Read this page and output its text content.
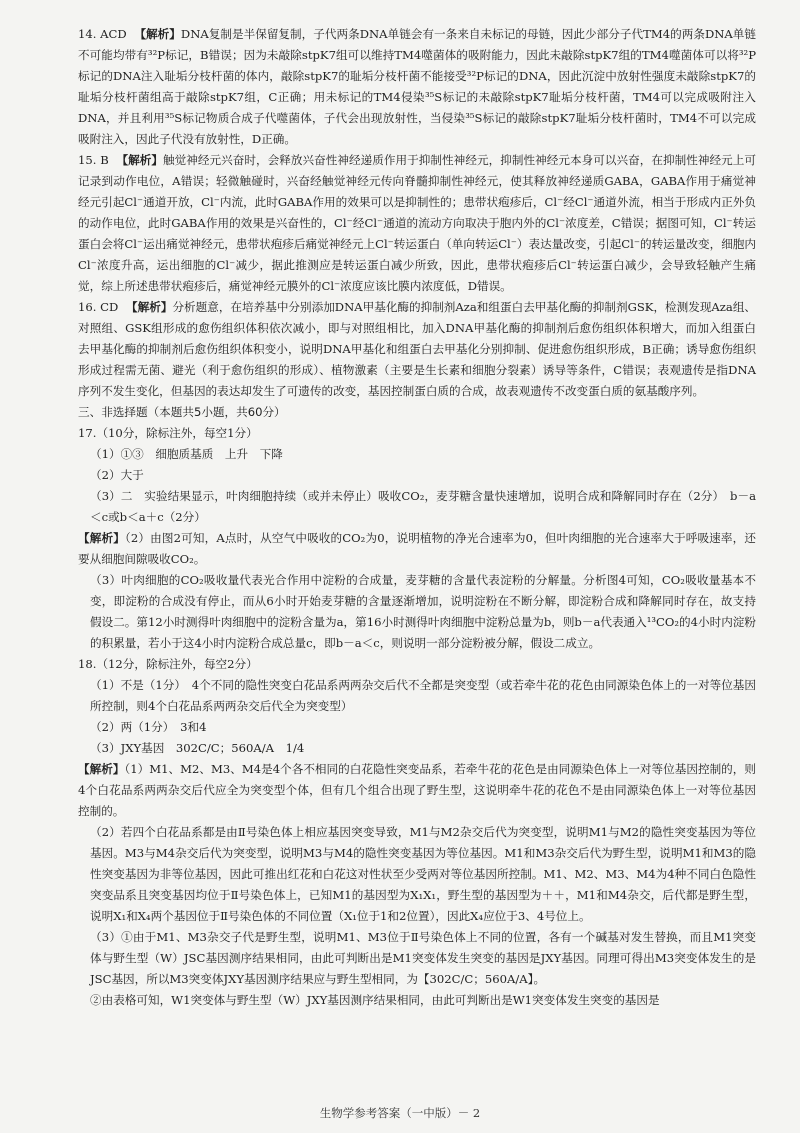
14. ACD 【解析】DNA复制是半保留复制，子代两条DNA单链会有一条来自未标记的母链，因此少部分子代TM4的两条DNA单链不可能均带有³²P标记，B错误；因为未敲除stpK7组可以维持TM4噬菌体的吸附能力，因此未敲除stpK7组的TM4噬菌体可以将³²P标记的DNA注入耻垢分枝杆菌的体内，敲除stpK7的耻垢分枝杆菌不能接受³²P标记的DNA，因此沉淀中放射性强度未敲除stpK7的耻垢分枝杆菌组高于敲除stpK7组，C正确；用未标记的TM4侵染³⁵S标记的未敲除stpK7耻垢分枝杆菌，TM4可以完成吸附注入DNA，并且利用³⁵S标记物质合成子代噬菌体，子代会出现放射性，当侵染³⁵S标记的敲除stpK7耻垢分枝杆菌时，TM4不可以完成吸附注入，因此子代没有放射性，D正确。

15. B 【解析】触觉神经元兴奋时，会释放兴奋性神经递质作用于抑制性神经元，抑制性神经元本身可以兴奋，在抑制性神经元上可记录到动作电位，A错误；轻微触碰时，兴奋经触觉神经元传向脊髓抑制性神经元，使其释放神经递质GABA，GABA作用于痛觉神经元引起Cl⁻通道开放，Cl⁻内流，此时GABA作用的效果可以是抑制性的；患带状疱疹后，Cl⁻经Cl⁻通道外流，相当于形成内正外负的动作电位，此时GABA作用的效果是兴奋性的，Cl⁻经Cl⁻通道的流动方向取决于胞内外的Cl⁻浓度差，C错误；据图可知，Cl⁻转运蛋白会将Cl⁻运出痛觉神经元，患带状疱疹后痛觉神经元上Cl⁻转运蛋白（单向转运Cl⁻）表达量改变，引起Cl⁻的转运量改变，细胞内Cl⁻浓度升高，运出细胞的Cl⁻减少，据此推测应是转运蛋白减少所致，因此，患带状疱疹后Cl⁻转运蛋白减少，会导致轻触产生痛觉，综上所述患带状疱疹后，痛觉神经元膜外的Cl⁻浓度应该比膜内浓度低，D错误。

16. CD 【解析】分析题意，在培养基中分别添加DNA甲基化酶的抑制剂Aza和组蛋白去甲基化酶的抑制剂GSK，检测发现Aza组、对照组、GSK组形成的愈伤组织体积依次减小，即与对照组相比，加入DNA甲基化酶的抑制剂后愈伤组织体积增大，而加入组蛋白去甲基化酶的抑制剂后愈伤组织体积变小，说明DNA甲基化和组蛋白去甲基化分别抑制、促进愈伤组织形成，B正确；诱导愈伤组织形成过程需无菌、避光（利于愈伤组织的形成）、植物激素（主要是生长素和细胞分裂素）诱导等条件，C错误；表观遗传是指DNA序列不发生变化，但基因的表达却发生了可遗传的改变，基因控制蛋白质的合成，故表观遗传不改变蛋白质的氨基酸序列。

三、非选择题（本题共5小题，共60分）

17.（10分，除标注外，每空1分）

（1）①③　细胞质基质　上升　下降

（2）大于

（3）二　实验结果显示，叶肉细胞持续（或并未停止）吸收CO₂，麦芽糖含量快速增加，说明合成和降解同时存在（2分）　b－a＜c或b＜a＋c（2分）

【解析】（2）由图2可知，A点时，从空气中吸收的CO₂为0，说明植物的净光合速率为0，但叶肉细胞的光合速率大于呼吸速率，还要从细胞间隙吸收CO₂。

（3）叶肉细胞的CO₂吸收量代表光合作用中淀粉的合成量，麦芽糖的含量代表淀粉的分解量。分析图4可知，CO₂吸收量基本不变，即淀粉的合成没有停止，而从6小时开始麦芽糖的含量逐渐增加，说明淀粉在不断分解，即淀粉合成和降解同时存在，故支持假设二。第12小时测得叶肉细胞中的淀粉含量为a，第16小时测得叶肉细胞中淀粉总量为b，则b－a代表通入¹³CO₂的4小时内淀粉的积累量，若小于这4小时内淀粉合成总量c，即b－a＜c，则说明一部分淀粉被分解，假设二成立。

18.（12分，除标注外，每空2分）

（1）不是（1分）　4个不同的隐性突变白花品系两两杂交后代不全都是突变型（或若牵牛花的花色由同源染色体上的一对等位基因所控制，则4个白花品系两两杂交后代全为突变型）

（2）两（1分）　3和4

（3）JXY基因　302C/C；560A/A　1/4

【解析】（1）M1、M2、M3、M4是4个各不相同的白花隐性突变品系，若牵牛花的花色是由同源染色体上一对等位基因控制的，则4个白花品系两两杂交后代应全为突变型个体，但有几个组合出现了野生型，这说明牵牛花的花色不是由同源染色体上一对等位基因控制的。

（2）若四个白花品系都是由Ⅱ号染色体上相应基因突变导致，M1与M2杂交后代为突变型，说明M1与M2的隐性突变基因为等位基因。M3与M4杂交后代为突变型，说明M3与M4的隐性突变基因为等位基因。M1和M3杂交后代为野生型，说明M1和M3的隐性突变基因为非等位基因，因此可推出红花和白花这对性状至少受两对等位基因所控制。M1、M2、M3、M4为4种不同白色隐性突变品系且突变基因均位于Ⅱ号染色体上，已知M1的基因型为X₁X₁，野生型的基因型为＋＋，M1和M4杂交，后代都是野生型，说明X₁和X₄两个基因位于Ⅱ号染色体的不同位置（X₁位于1和2位置），因此X₄应位于3、4号位上。

（3）①由于M1、M3杂交子代是野生型，说明M1、M3位于Ⅱ号染色体上不同的位置，各有一个碱基对发生替换，而且M1突变体与野生型（W）JSC基因测序结果相同，由此可判断出是M1突变体发生突变的基因是JXY基因。同理可得出M3突变体发生的是JSC基因，所以M3突变体JXY基因测序结果应与野生型相同，为【302C/C；560A/A】。

②由表格可知，W1突变体与野生型（W）JXY基因测序结果相同，由此可判断出是W1突变体发生突变的基因是

生物学参考答案（一中版）－ 2
